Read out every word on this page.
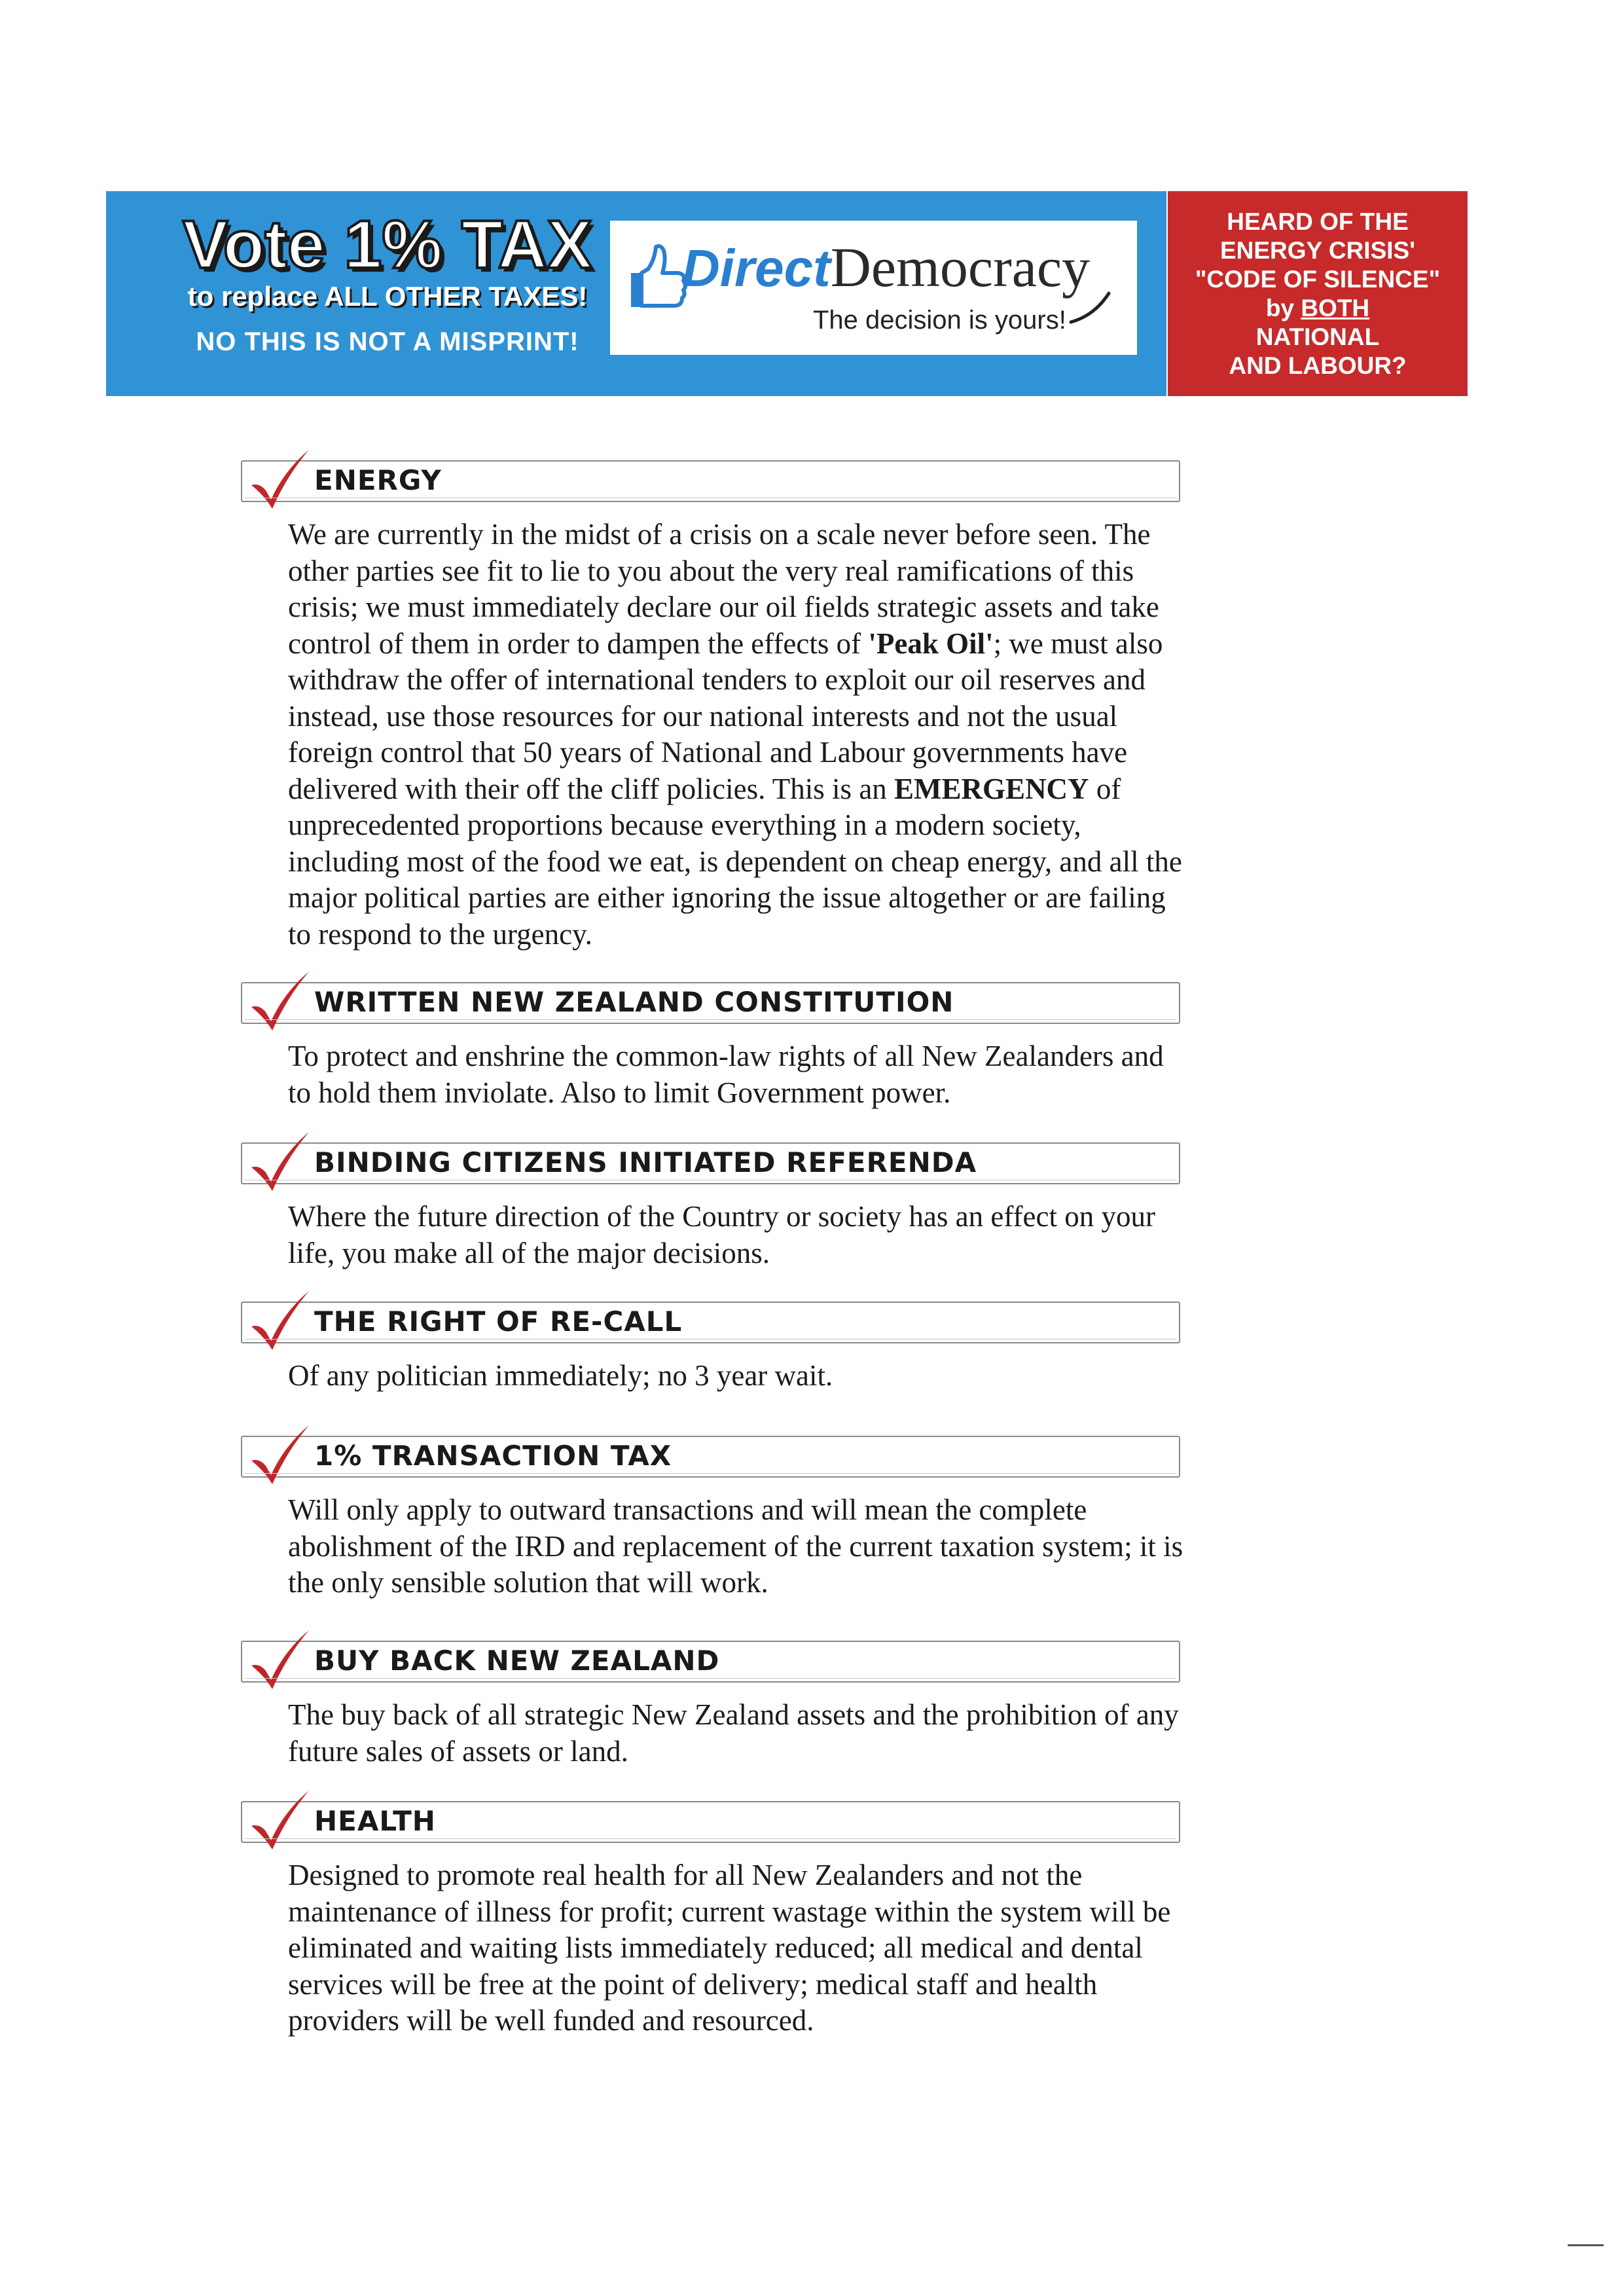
Vote 1% TAX
to replace ALL OTHER TAXES!
NO THIS IS NOT A MISPRINT!
DirectDemocracy
The decision is yours!
HEARD OF THE
ENERGY CRISIS'
"CODE OF SILENCE"
by BOTH
NATIONAL
AND LABOUR?
ENERGY
We are currently in the midst of a crisis on a scale never before seen. The other parties see fit to lie to you about the very real ramifications of this crisis; we must immediately declare our oil fields strategic assets and take control of them in order to dampen the effects of 'Peak Oil'; we must also withdraw the offer of international tenders to exploit our oil reserves and instead, use those resources for our national interests and not the usual foreign control that 50 years of National and Labour governments have delivered with their off the cliff policies. This is an EMERGENCY of unprecedented proportions because everything in a modern society, including most of the food we eat, is dependent on cheap energy, and all the major political parties are either ignoring the issue altogether or are failing to respond to the urgency.
WRITTEN NEW ZEALAND CONSTITUTION
To protect and enshrine the common-law rights of all New Zealanders and to hold them inviolate. Also to limit Government power.
BINDING CITIZENS INITIATED REFERENDA
Where the future direction of the Country or society has an effect on your life, you make all of the major decisions.
THE RIGHT OF RE-CALL
Of any politician immediately; no 3 year wait.
1% TRANSACTION TAX
Will only apply to outward transactions and will mean the complete abolishment of the IRD and replacement of the current taxation system; it is the only sensible solution that will work.
BUY BACK NEW ZEALAND
The buy back of all strategic New Zealand assets and the prohibition of any future sales of assets or land.
HEALTH
Designed to promote real health for all New Zealanders and not the maintenance of illness for profit; current wastage within the system will be eliminated and waiting lists immediately reduced; all medical and dental services will be free at the point of delivery; medical staff and health providers will be well funded and resourced.
